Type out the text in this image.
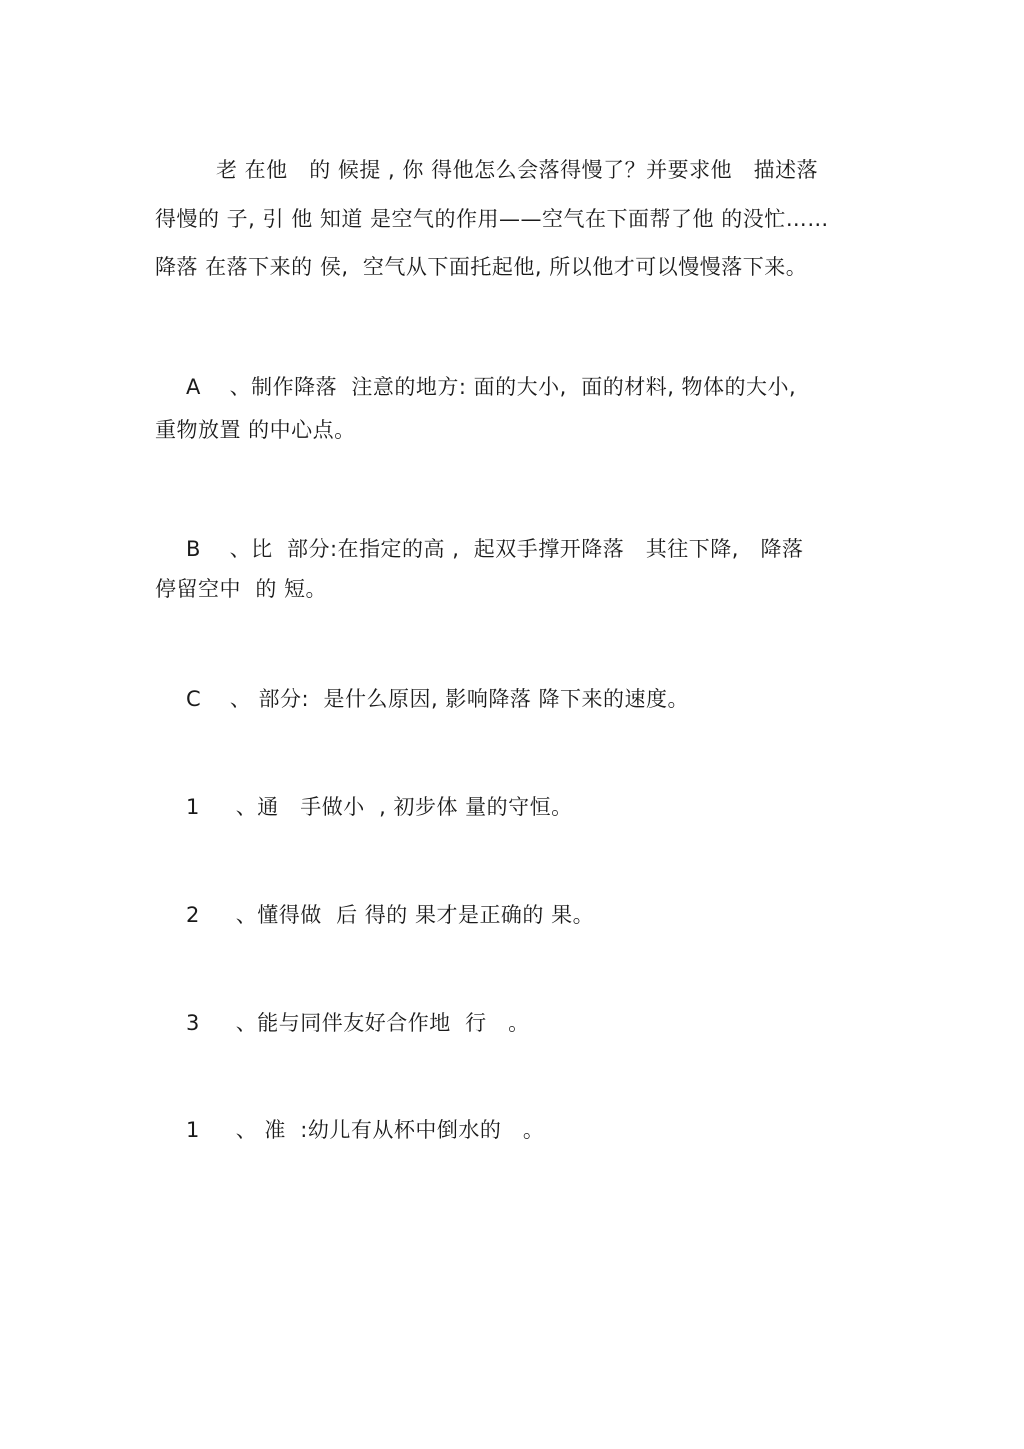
老 在他   的 候提 , 你 得他怎么会落得慢了？并要求他   描述落
得慢的 子, 引 他 知道 是空气的作用——空气在下面帮了他 的没忙……
降落 在落下来的 侯,  空气从下面托起他, 所以他才可以慢慢落下来。
A    、制作降落  注意的地方: 面的大小,  面的材料, 物体的大小,
重物放置 的中心点。
B    、比  部分:在指定的高 ,  起双手撑开降落   其往下降,   降落
停留空中  的 短。
C    、 部分:  是什么原因, 影响降落 降下来的速度。
1     、通   手做小  , 初步体 量的守恒。
2     、懂得做  后 得的 果才是正确的 果。
3     、能与同伴友好合作地  行   。
1     、 准  :幼儿有从杯中倒水的   。
